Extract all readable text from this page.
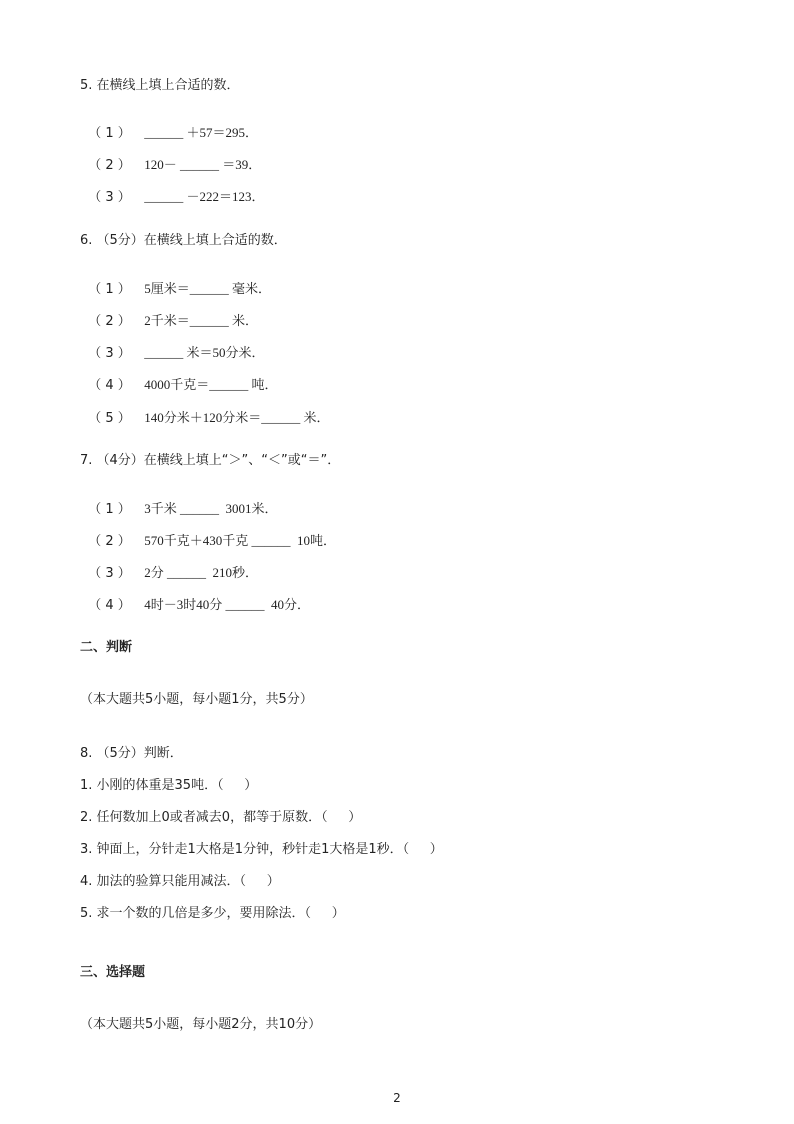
5. 在横线上填上合适的数．

（ 1 ） ______ ＋57＝295．

（ 2 ） 120－ ______ ＝39．

（ 3 ） ______ －222＝123．

6. （5分）在横线上填上合适的数．

（ 1 ） 5厘米＝______ 毫米．

（ 2 ） 2千米＝______ 米．

（ 3 ） ______ 米＝50分米．

（ 4 ） 4000千克＝______ 吨．

（ 5 ） 140分米＋120分米＝______ 米．

7. （4分）在横线上填上“＞”、“＜”或“＝”．

（ 1 ） 3千米 ______  3001米．

（ 2 ） 570千克＋430千克 ______  10吨．

（ 3 ） 2分 ______  210秒．

（ 4 ） 4时－3时40分 ______  40分．

二、判断
（本大题共5小题，每小题1分，共5分）
8. （5分）判断．
1. 小刚的体重是35吨．（     ）
2. 任何数加上0或者减去0，都等于原数．（     ）
3. 钟面上，分针走1大格是1分钟，秒针走1大格是1秒．（     ）
4. 加法的验算只能用减法．（     ）
5. 求一个数的几倍是多少，要用除法．（     ）
三、选择题
（本大题共5小题，每小题2分，共10分）
2
